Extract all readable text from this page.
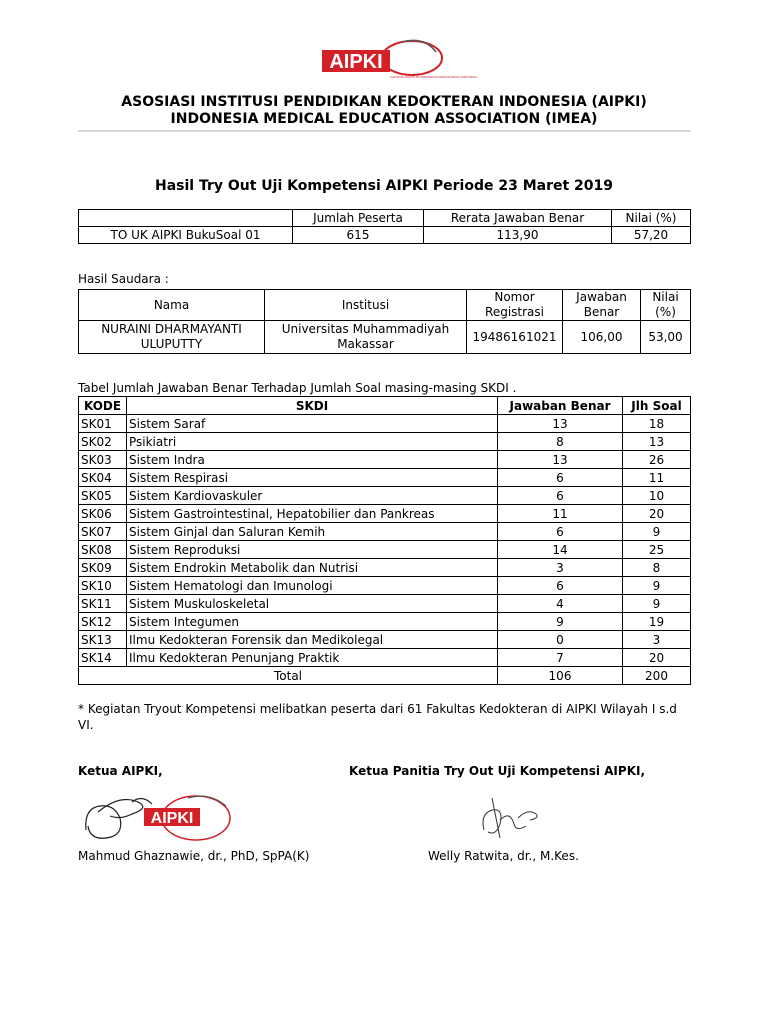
AIPKI
ASOSIASI INSTITUSI PENDIDIKAN KEDOKTERAN INDONESIA
ASOSIASI INSTITUSI PENDIDIKAN KEDOKTERAN INDONESIA (AIPKI)
INDONESIA MEDICAL EDUCATION ASSOCIATION (IMEA)
Hasil Try Out Uji Kompetensi AIPKI Periode 23 Maret 2019
	Jumlah Peserta	Rerata Jawaban Benar	Nilai (%)
TO UK AIPKI BukuSoal 01	615	113,90	57,20
Hasil Saudara :
Nama	Institusi	Nomor Registrasi	Jawaban Benar	Nilai (%)
NURAINI DHARMAYANTI ULUPUTTY	Universitas Muhammadiyah Makassar	19486161021	106,00	53,00
Tabel Jumlah Jawaban Benar Terhadap Jumlah Soal masing-masing SKDI .
KODE	SKDI	Jawaban Benar	Jlh Soal
SK01	Sistem Saraf	13	18
SK02	Psikiatri	8	13
SK03	Sistem Indra	13	26
SK04	Sistem Respirasi	6	11
SK05	Sistem Kardiovaskuler	6	10
SK06	Sistem Gastrointestinal, Hepatobilier dan Pankreas	11	20
SK07	Sistem Ginjal dan Saluran Kemih	6	9
SK08	Sistem Reproduksi	14	25
SK09	Sistem Endrokin Metabolik dan Nutrisi	3	8
SK10	Sistem Hematologi dan Imunologi	6	9
SK11	Sistem Muskuloskeletal	4	9
SK12	Sistem Integumen	9	19
SK13	Ilmu Kedokteran Forensik dan Medikolegal	0	3
SK14	Ilmu Kedokteran Penunjang Praktik	7	20
Total		106	200
* Kegiatan Tryout Kompetensi melibatkan peserta dari 61 Fakultas Kedokteran di AIPKI Wilayah I s.d VI.
Ketua AIPKI,	Ketua Panitia Try Out Uji Kompetensi AIPKI,
AIPKI
Mahmud Ghaznawie, dr., PhD, SpPA(K)	Welly Ratwita, dr., M.Kes.
